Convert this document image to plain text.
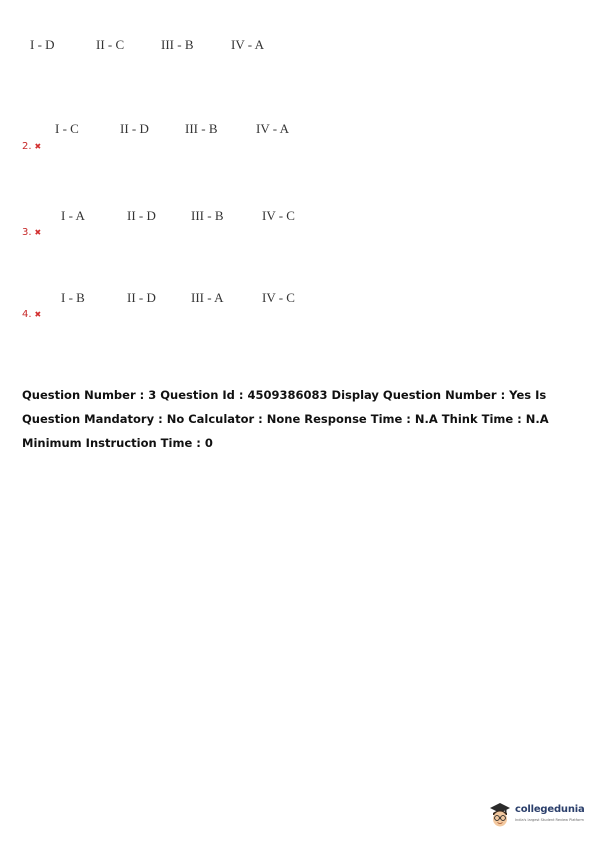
I - D	II - C	III - B	IV - A
I - C	II - D	III - B	IV - A
2. ✖
I - A	II - D	III - B	IV - C
3. ✖
I - B	II - D	III - A	IV - C
4. ✖
Question Number : 3 Question Id : 4509386083 Display Question Number : Yes Is Question Mandatory : No Calculator : None Response Time : N.A Think Time : N.A Minimum Instruction Time : 0
collegedunia
India's largest Student Review Platform
